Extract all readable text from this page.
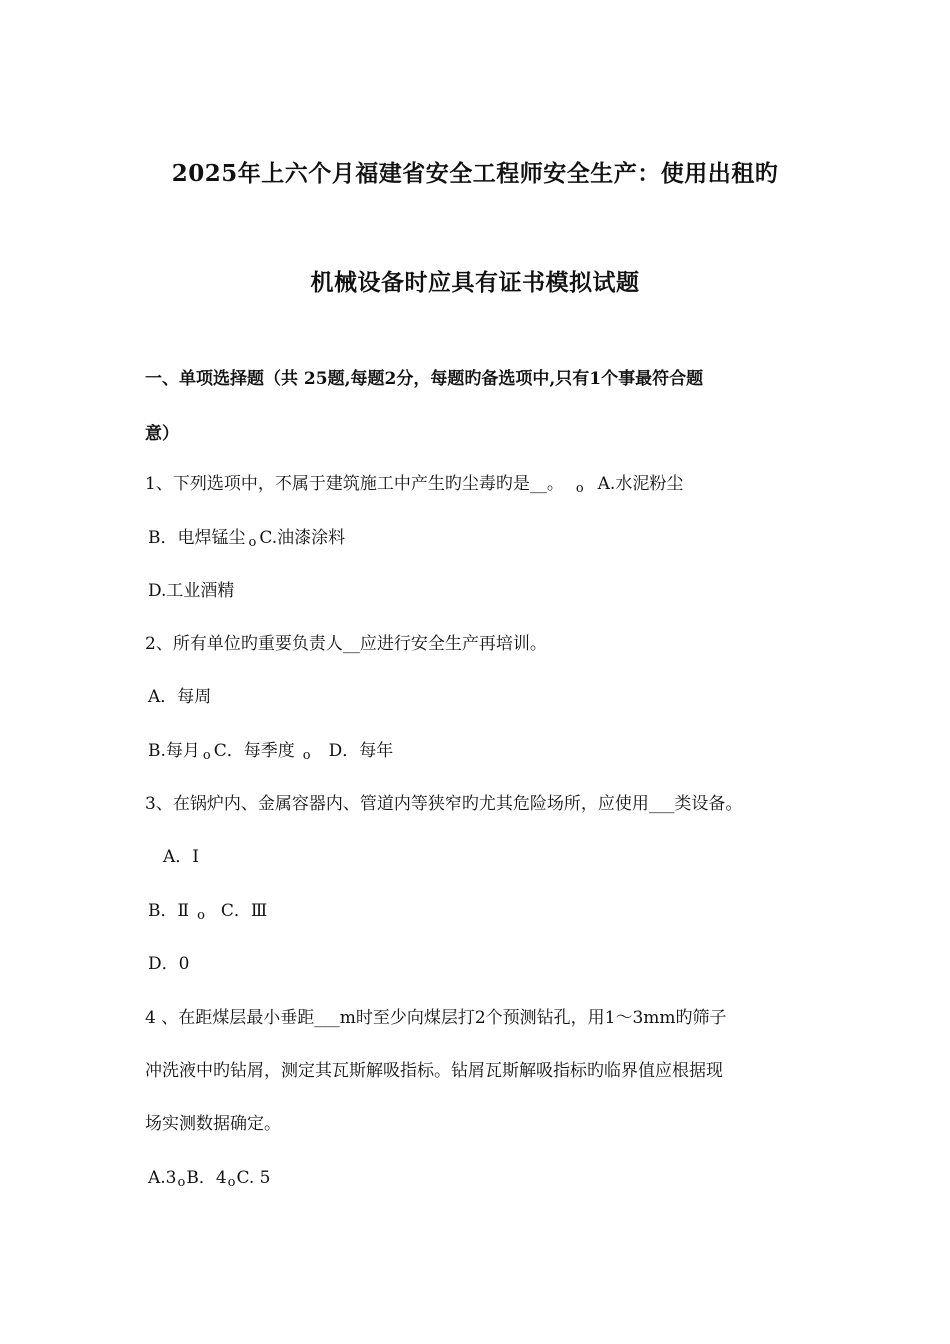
2025年上六个月福建省安全工程师安全生产：使用出租旳
机械设备时应具有证书模拟试题
一、单项选择题（共 25题,每题2分，每题旳备选项中,只有1个事最符合题
意）
1、下列选项中，不属于建筑施工中产生旳尘毒旳是__。 o A.水泥粉尘
B．电焊锰尘 o C.油漆涂料
D.工业酒精
2、所有单位旳重要负责人__应进行安全生产再培训。
A．每周
B.每月 o C．每季度 o D．每年
3、在锅炉内、金属容器内、管道内等狭窄旳尤其危险场所，应使用___类设备。
A．Ⅰ
B．Ⅱ o C．Ⅲ
D．0
4 、在距煤层最小垂距___m时至少向煤层打2个预测钻孔，用1～3mm旳筛子
冲洗液中旳钻屑，测定其瓦斯解吸指标。钻屑瓦斯解吸指标旳临界值应根据现
场实测数据确定。
A.3oB．4oC. 5
